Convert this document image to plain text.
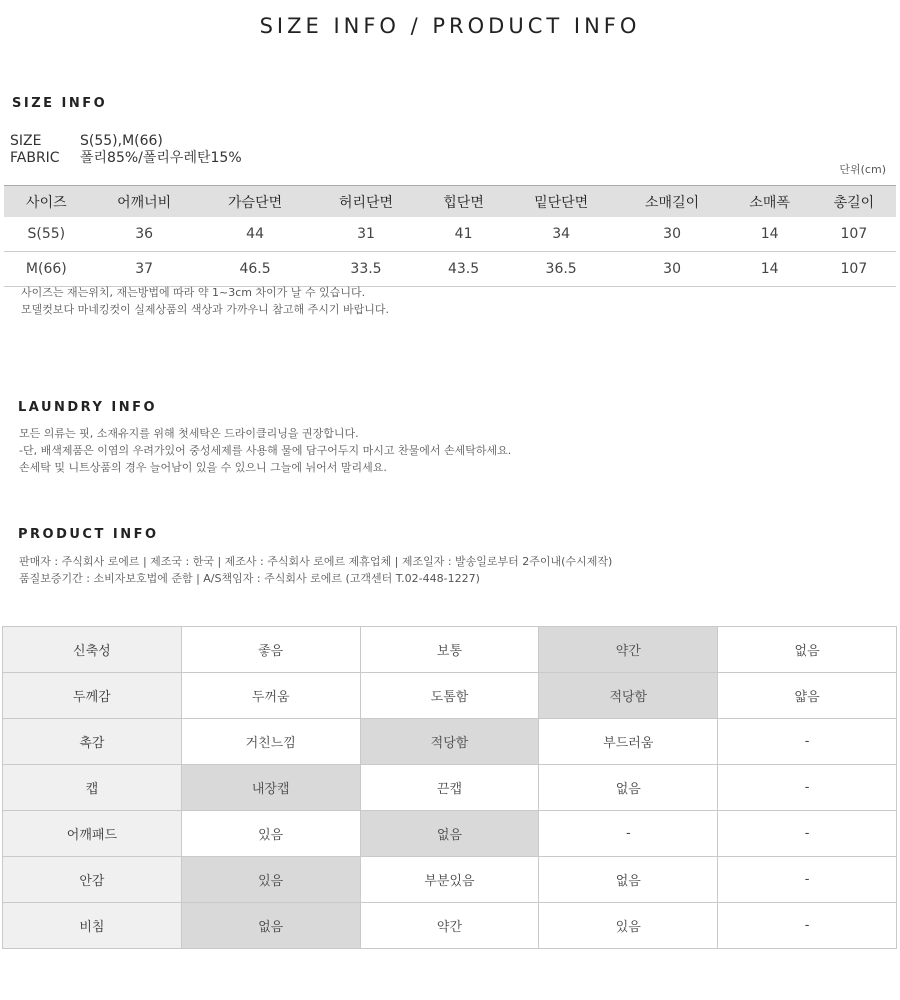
SIZE INFO / PRODUCT INFO
SIZE INFO
SIZE	S(55),M(66)
FABRIC	폴리85%/폴리우레탄15%
단위(cm)
사이즈	어깨너비	가슴단면	허리단면	힙단면	밑단단면	소매길이	소매폭	총길이
S(55)	36	44	31	41	34	30	14	107
M(66)	37	46.5	33.5	43.5	36.5	30	14	107
사이즈는 재는위치, 재는방법에 따라 약 1~3cm 차이가 날 수 있습니다.
모델컷보다 마네킹컷이 실제상품의 색상과 가까우니 참고해 주시기 바랍니다.
LAUNDRY INFO
모든 의류는 핏, 소재유지를 위해 첫세탁은 드라이클리닝을 권장합니다.
-단, 배색제품은 이염의 우려가있어 중성세제를 사용해 물에 담구어두지 마시고 찬물에서 손세탁하세요.
손세탁 및 니트상품의 경우 늘어남이 있을 수 있으니 그늘에 뉘어서 말리세요.
PRODUCT INFO
판매자 : 주식회사 로에르 | 제조국 : 한국 | 제조사 : 주식회사 로에르 제휴업체 | 제조일자 : 발송일로부터 2주이내(수시제작)
품질보증기간 : 소비자보호법에 준함 | A/S책임자 : 주식회사 로에르 (고객센터 T.02-448-1227)
신축성	좋음	보통	약간	없음
두께감	두꺼움	도톰함	적당함	얇음
촉감	거친느낌	적당함	부드러움	-
캡	내장캡	끈캡	없음	-
어깨패드	있음	없음	-	-
안감	있음	부분있음	없음	-
비침	없음	약간	있음	-
